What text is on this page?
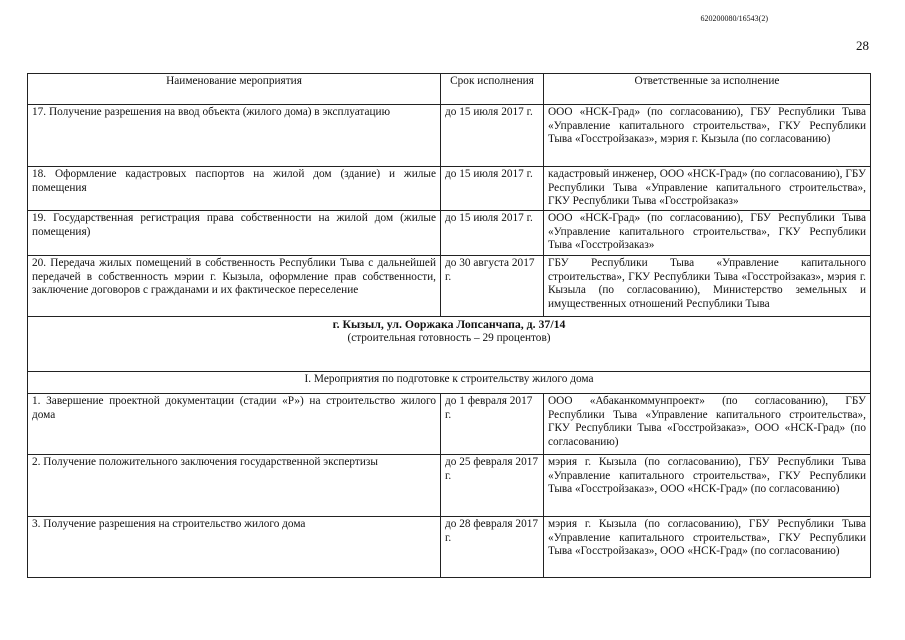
620200080/16543(2)
28
Наименование мероприятия	Срок исполнения	Ответственные за исполнение
17. Получение разрешения на ввод объекта (жилого дома) в эксплуатацию	до 15 июля 2017 г.	ООО «НСК-Град» (по согласованию), ГБУ Республики Тыва «Управление капитального строительства», ГКУ Республики Тыва «Госстройзаказ», мэрия г. Кызыла (по согласованию)
18. Оформление кадастровых паспортов на жилой дом (здание) и жилые помещения	до 15 июля 2017 г.	кадастровый инженер, ООО «НСК-Град» (по согласованию), ГБУ Республики Тыва «Управление капитального строительства», ГКУ Республики Тыва «Госстройзаказ»
19. Государственная регистрация права собственности на жилой дом (жилые помещения)	до 15 июля 2017 г.	ООО «НСК-Град» (по согласованию), ГБУ Республики Тыва «Управление капитального строительства», ГКУ Республики Тыва «Госстройзаказ»
20. Передача жилых помещений в собственность Республики Тыва с дальнейшей передачей в собственность мэрии г. Кызыла, оформление прав собственности, заключение договоров с гражданами и их фактическое переселение	до 30 августа 2017 г.	ГБУ Республики Тыва «Управление капитального строительства», ГКУ Республики Тыва «Госстройзаказ», мэрия г. Кызыла (по согласованию), Министерство земельных и имущественных отношений Республики Тыва

г. Кызыл, ул. Ооржака Лопсанчапа, д. 37/14
(строительная готовность – 29 процентов)		

I. Мероприятия по подготовке к строительству жилого дома		
1. Завершение проектной документации (стадии «Р») на строительство жилого дома	до 1 февраля 2017 г.	ООО «Абаканкоммунпроект» (по согласованию), ГБУ Республики Тыва «Управление капитального строительства», ГКУ Республики Тыва «Госстройзаказ», ООО «НСК-Град» (по согласованию)
2. Получение положительного заключения государственной экспертизы	до 25 февраля 2017 г.	мэрия г. Кызыла (по согласованию), ГБУ Республики Тыва «Управление капитального строительства», ГКУ Республики Тыва «Госстройзаказ», ООО «НСК-Град» (по согласованию)
3. Получение разрешения на строительство жилого дома	до 28 февраля 2017 г.	мэрия г. Кызыла (по согласованию), ГБУ Республики Тыва «Управление капитального строительства», ГКУ Республики Тыва «Госстройзаказ», ООО «НСК-Град» (по согласованию)
